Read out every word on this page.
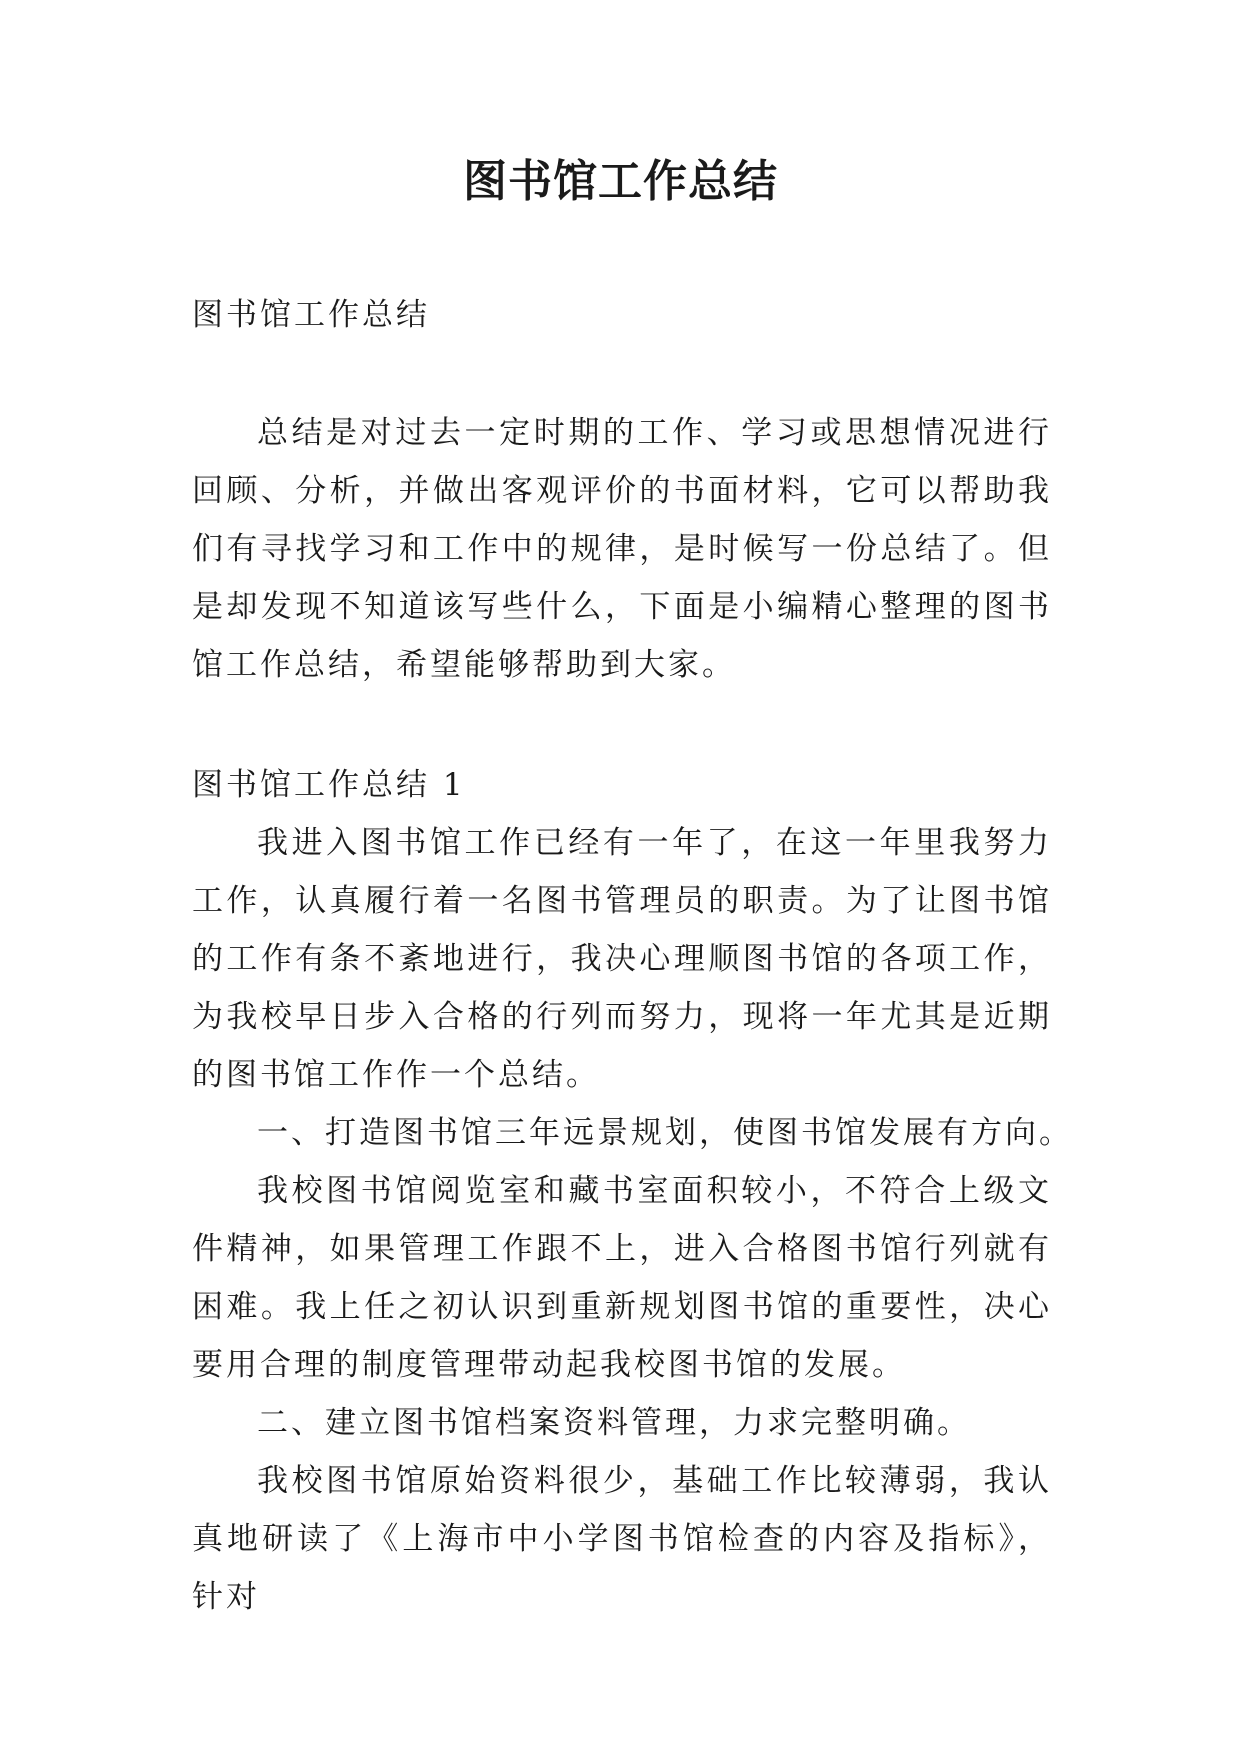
图书馆工作总结

图书馆工作总结

总结是对过去一定时期的工作、学习或思想情况进行回顾、分析，并做出客观评价的书面材料，它可以帮助我们有寻找学习和工作中的规律，是时候写一份总结了。但是却发现不知道该写些什么，下面是小编精心整理的图书馆工作总结，希望能够帮助到大家。

图书馆工作总结 1

我进入图书馆工作已经有一年了，在这一年里我努力工作，认真履行着一名图书管理员的职责。为了让图书馆的工作有条不紊地进行，我决心理顺图书馆的各项工作，为我校早日步入合格的行列而努力，现将一年尤其是近期的图书馆工作作一个总结。

一、打造图书馆三年远景规划，使图书馆发展有方向。

我校图书馆阅览室和藏书室面积较小，不符合上级文件精神，如果管理工作跟不上，进入合格图书馆行列就有困难。我上任之初认识到重新规划图书馆的重要性，决心要用合理的制度管理带动起我校图书馆的发展。

二、建立图书馆档案资料管理，力求完整明确。

我校图书馆原始资料很少，基础工作比较薄弱，我认真地研读了《上海市中小学图书馆检查的内容及指标》，针对
